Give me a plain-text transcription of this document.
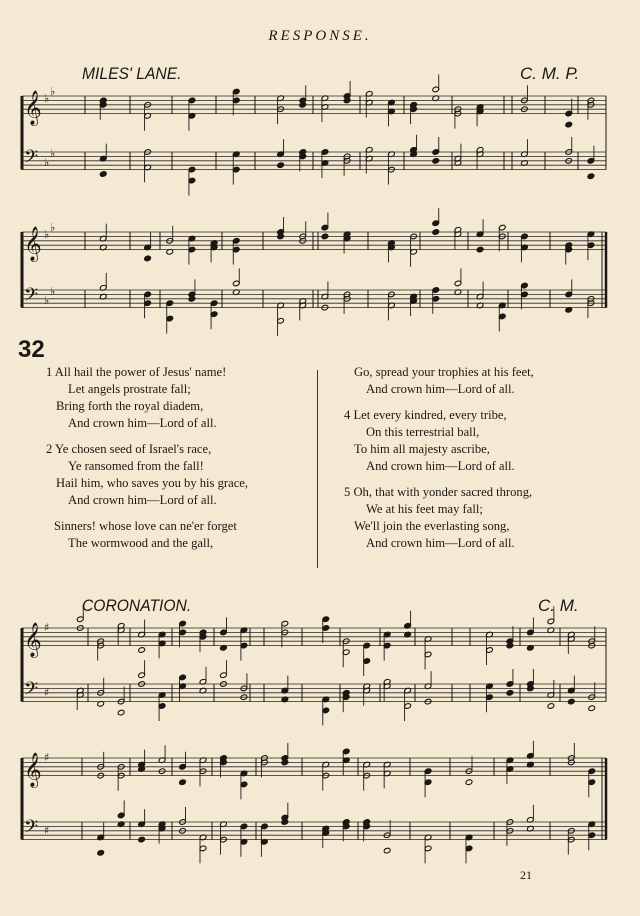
RESPONSE.
MILES' LANE.	C. M. P.
𝄞 ♭
♭
𝄢 ♭
♭
𝄞 ♭
♭
𝄢 ♭
♭
𝄞 ♯
𝄢 ♯
𝄞 ♯
𝄢 ♯
32
1 All hail the power of Jesus' name!
Let angels prostrate fall;
Bring forth the royal diadem,
And crown him—Lord of all.
2 Ye chosen seed of Israel's race,
Ye ransomed from the fall!
Hail him, who saves you by his grace,
And crown him—Lord of all.
Sinners! whose love can ne'er forget
The wormwood and the gall,
Go, spread your trophies at his feet,
And crown him—Lord of all.
4 Let every kindred, every tribe,
On this terrestrial ball,
To him all majesty ascribe,
And crown him—Lord of all.
5 Oh, that with yonder sacred throng,
We at his feet may fall;
We'll join the everlasting song,
And crown him—Lord of all.
CORONATION.	C. M.
21
